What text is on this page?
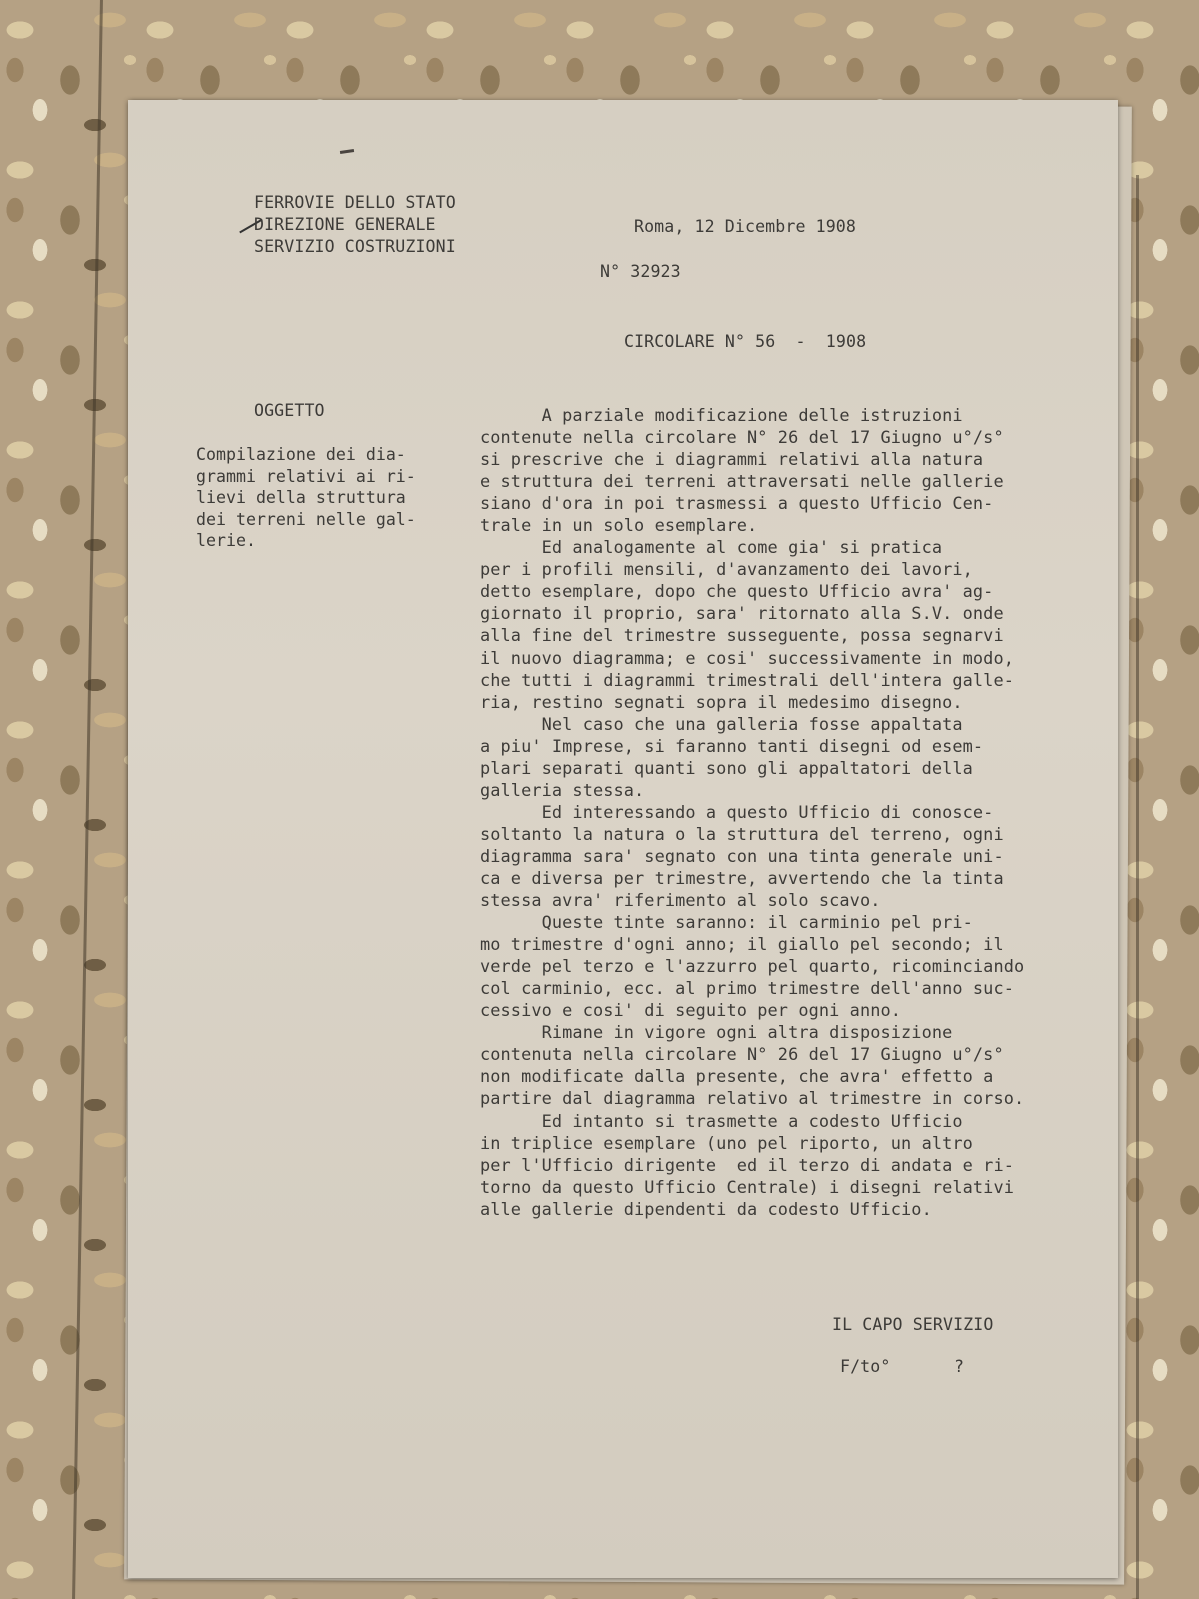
FERROVIE DELLO STATO

DIREZIONE GENERALE

SERVIZIO COSTRUZIONI

Roma, 12 Dicembre 1908

N° 32923

CIRCOLARE N° 56  -  1908

OGGETTO

Compilazione dei dia-
grammi relativi ai ri-
lievi della struttura
dei terreni nelle gal-
lerie.
A parziale modificazione delle istruzioni
contenute nella circolare N° 26 del 17 Giugno u°/s°
si prescrive che i diagrammi relativi alla natura
e struttura dei terreni attraversati nelle gallerie
siano d'ora in poi trasmessi a questo Ufficio Cen-
trale in un solo esemplare.
Ed analogamente al come gia' si pratica
per i profili mensili, d'avanzamento dei lavori,
detto esemplare, dopo che questo Ufficio avra' ag-
giornato il proprio, sara' ritornato alla S.V. onde
alla fine del trimestre susseguente, possa segnarvi
il nuovo diagramma; e cosi' successivamente in modo,
che tutti i diagrammi trimestrali dell'intera galle-
ria, restino segnati sopra il medesimo disegno.
Nel caso che una galleria fosse appaltata
a piu' Imprese, si faranno tanti disegni od esem-
plari separati quanti sono gli appaltatori della
galleria stessa.
Ed interessando a questo Ufficio di conosce-
soltanto la natura o la struttura del terreno, ogni
diagramma sara' segnato con una tinta generale uni-
ca e diversa per trimestre, avvertendo che la tinta
stessa avra' riferimento al solo scavo.
Queste tinte saranno: il carminio pel pri-
mo trimestre d'ogni anno; il giallo pel secondo; il
verde pel terzo e l'azzurro pel quarto, ricominciando
col carminio, ecc. al primo trimestre dell'anno suc-
cessivo e cosi' di seguito per ogni anno.
Rimane in vigore ogni altra disposizione
contenuta nella circolare N° 26 del 17 Giugno u°/s°
non modificate dalla presente, che avra' effetto a
partire dal diagramma relativo al trimestre in corso.
Ed intanto si trasmette a codesto Ufficio
in triplice esemplare (uno pel riporto, un altro
per l'Ufficio dirigente  ed il terzo di andata e ri-
torno da questo Ufficio Centrale) i disegni relativi
alle gallerie dipendenti da codesto Ufficio.

IL CAPO SERVIZIO

F/to°	?
